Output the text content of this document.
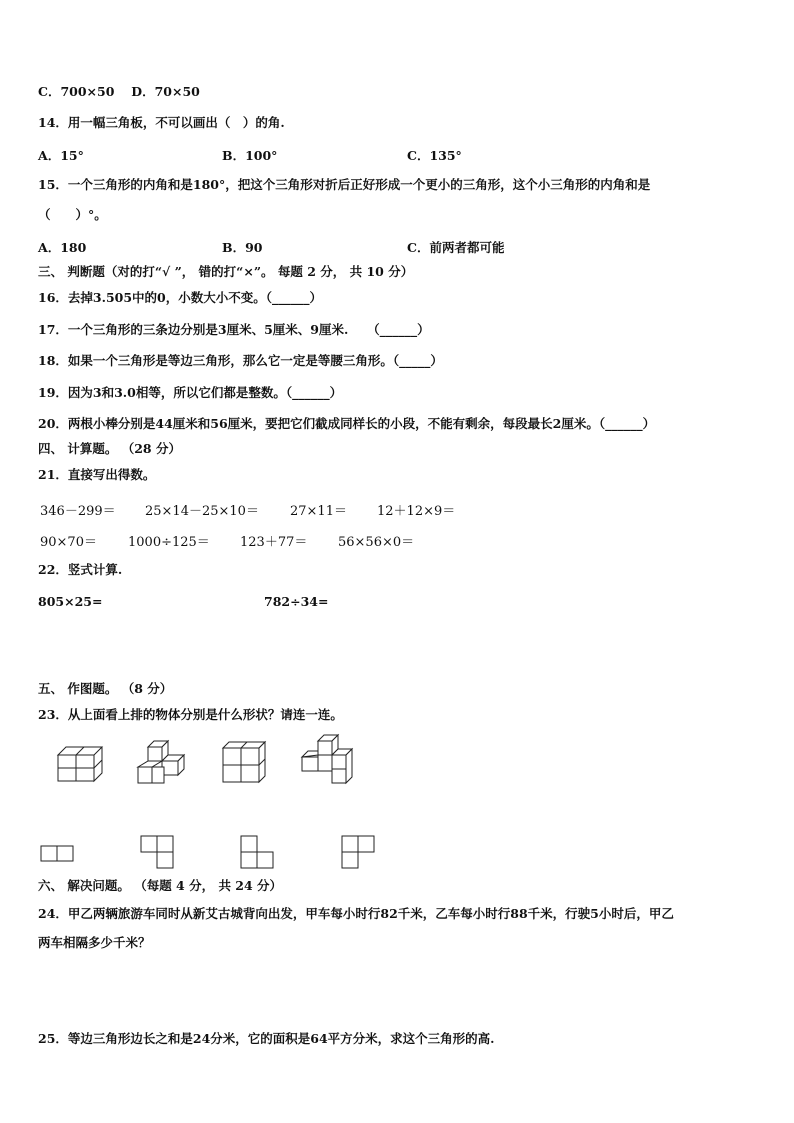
C．700×50　 D．70×50
14．用一幅三角板，不可以画出（　）的角.
A．15°	B．100°	C．135°
15．一个三角形的内角和是180°，把这个三角形对折后正好形成一个更小的三角形，这个小三角形的内角和是
（　　）°。
A．180	B．90	C．前两者都可能
三、 判断题（对的打“√ ”， 错的打“×”。 每题 2 分， 共 10 分）
16．去掉3.505中的0，小数大小不变。（______）
17．一个三角形的三条边分别是3厘米、5厘米、9厘米.　　（______）
18．如果一个三角形是等边三角形，那么它一定是等腰三角形。（_____）
19．因为3和3.0相等，所以它们都是整数。（______）
20．两根小棒分别是44厘米和56厘米，要把它们截成同样长的小段，不能有剩余，每段最长2厘米。（______）
四、 计算题。 （28 分）
21．直接写出得数。
346－299＝ 25×14－25×10＝ 27×11＝ 12＋12×9＝
90×70＝ 1000÷125＝ 123＋77＝ 56×56×0＝
22．竖式计算.
805×25=	782÷34=
五、 作图题。 （8 分）
23．从上面看上排的物体分别是什么形状？请连一连。
六、 解决问题。 （每题 4 分， 共 24 分）
24．甲乙两辆旅游车同时从新艾古城背向出发，甲车每小时行82千米，乙车每小时行88千米，行驶5小时后，甲乙
两车相隔多少千米？
25．等边三角形边长之和是24分米，它的面积是64平方分米，求这个三角形的高.
